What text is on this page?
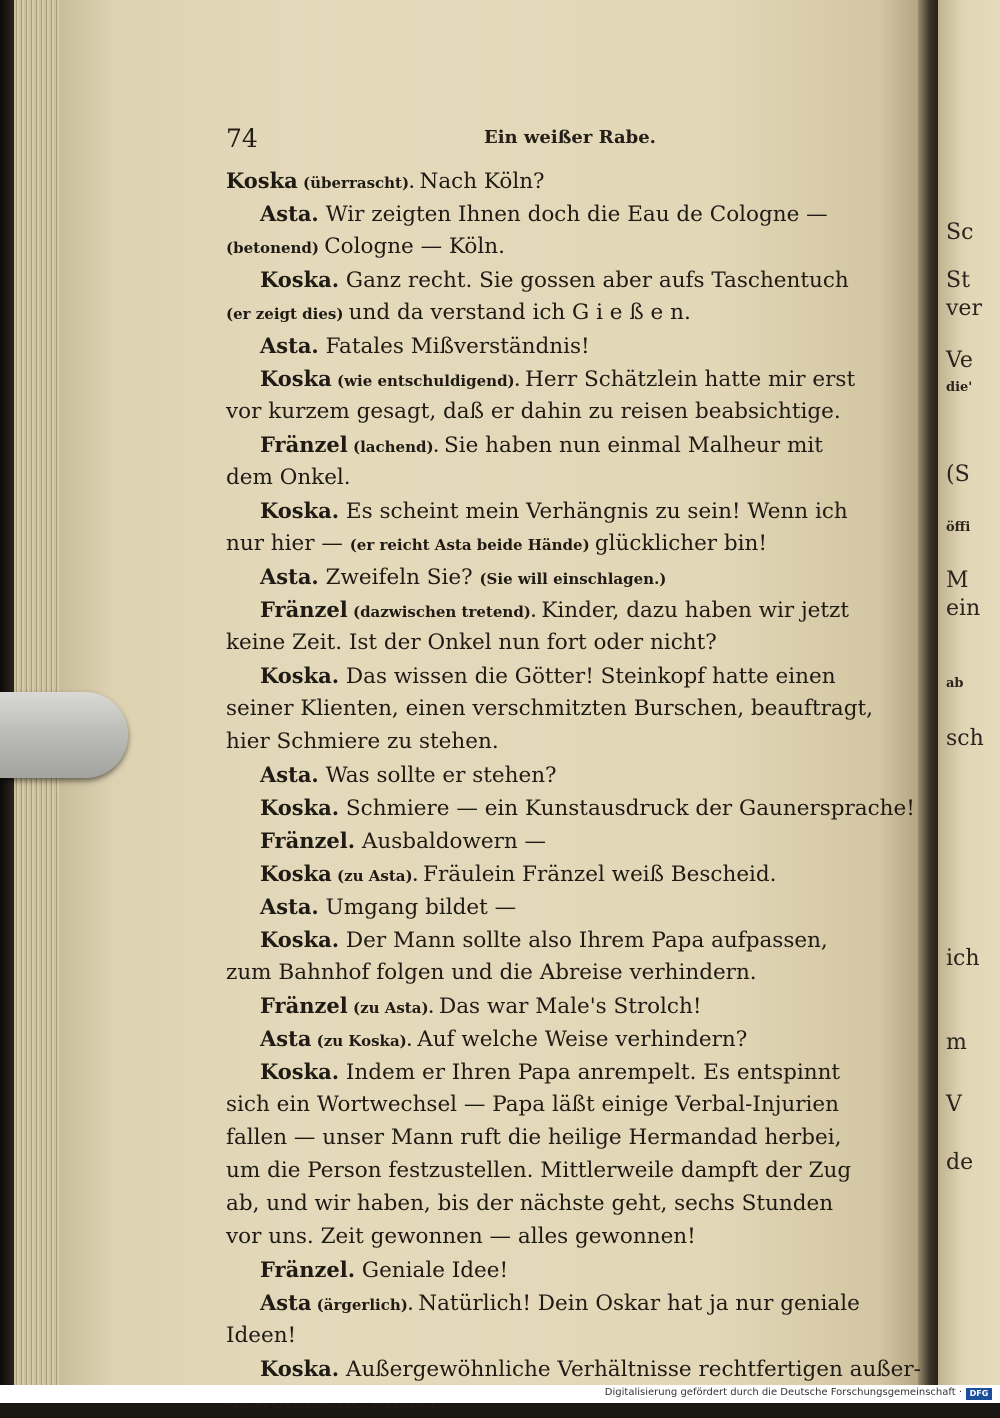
Sc
St
ver
Ve
die'
(S
öffi
M
ein
ab
sch
ich
m
V
de
74	Ein weißer Rabe.
Koska (überrascht). Nach Köln?
Asta. Wir zeigten Ihnen doch die Eau de Cologne —
(betonend) Cologne — Köln.
Koska. Ganz recht. Sie gossen aber aufs Taschentuch
(er zeigt dies) und da verstand ich G i e ß e n.
Asta. Fatales Mißverständnis!
Koska (wie entschuldigend). Herr Schätzlein hatte mir erst
vor kurzem gesagt, daß er dahin zu reisen beabsichtige.
Fränzel (lachend). Sie haben nun einmal Malheur mit
dem Onkel.
Koska. Es scheint mein Verhängnis zu sein! Wenn ich
nur hier — (er reicht Asta beide Hände) glücklicher bin!
Asta. Zweifeln Sie? (Sie will einschlagen.)
Fränzel (dazwischen tretend). Kinder, dazu haben wir jetzt
keine Zeit. Ist der Onkel nun fort oder nicht?
Koska. Das wissen die Götter! Steinkopf hatte einen
seiner Klienten, einen verschmitzten Burschen, beauftragt,
hier Schmiere zu stehen.
Asta. Was sollte er stehen?
Koska. Schmiere — ein Kunstausdruck der Gaunersprache!
Fränzel. Ausbaldowern —
Koska (zu Asta). Fräulein Fränzel weiß Bescheid.
Asta. Umgang bildet —
Koska. Der Mann sollte also Ihrem Papa aufpassen,
zum Bahnhof folgen und die Abreise verhindern.
Fränzel (zu Asta). Das war Male's Strolch!
Asta (zu Koska). Auf welche Weise verhindern?
Koska. Indem er Ihren Papa anrempelt. Es entspinnt
sich ein Wortwechsel — Papa läßt einige Verbal-Injurien
fallen — unser Mann ruft die heilige Hermandad herbei,
um die Person festzustellen. Mittlerweile dampft der Zug
ab, und wir haben, bis der nächste geht, sechs Stunden
vor uns. Zeit gewonnen — alles gewonnen!
Fränzel. Geniale Idee!
Asta (ärgerlich). Natürlich! Dein Oskar hat ja nur geniale
Ideen!
Koska. Außergewöhnliche Verhältnisse rechtfertigen außer-
Digitalisierung gefördert durch die Deutsche Forschungsgemeinschaft · DFG
